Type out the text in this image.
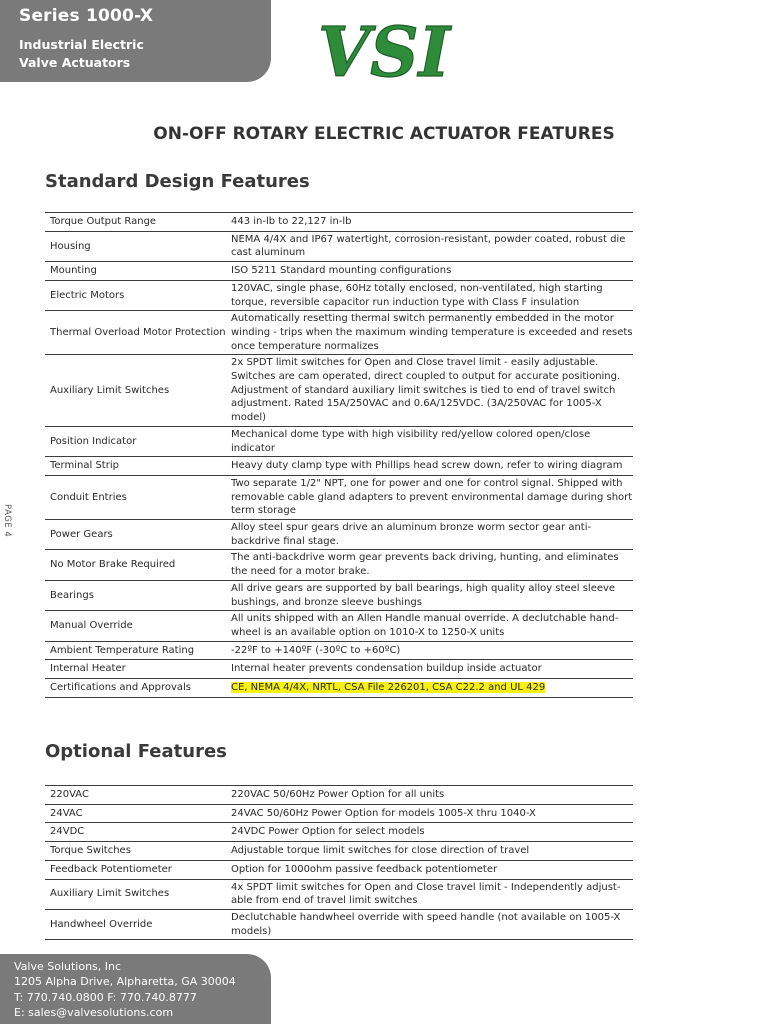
Series 1000-X
Industrial Electric
Valve Actuators	VSI
ON-OFF ROTARY ELECTRIC ACTUATOR FEATURES
Standard Design Features
Torque Output Range	443 in-lb to 22,127 in-lb
Housing	NEMA 4/4X and IP67 watertight, corrosion-resistant, powder coated, robust die cast aluminum
Mounting	ISO 5211 Standard mounting configurations
Electric Motors	120VAC, single phase, 60Hz totally enclosed, non-ventilated, high starting torque, reversible capacitor run induction type with Class F insulation
Thermal Overload Motor Protection	Automatically resetting thermal switch permanently embedded in the motor winding - trips when the maximum winding temperature is exceeded and resets once temperature normalizes
Auxiliary Limit Switches	2x SPDT limit switches for Open and Close travel limit - easily adjustable. Switches are cam operated, direct coupled to output for accurate positioning. Adjustment of standard auxiliary limit switches is tied to end of travel switch adjustment. Rated 15A/250VAC and 0.6A/125VDC. (3A/250VAC for 1005-X model)
Position Indicator	Mechanical dome type with high visibility red/yellow colored open/close indicator
Terminal Strip	Heavy duty clamp type with Phillips head screw down, refer to wiring diagram
Conduit Entries	Two separate 1/2" NPT, one for power and one for control signal. Shipped with removable cable gland adapters to prevent environmental damage during short term storage
Power Gears	Alloy steel spur gears drive an aluminum bronze worm sector gear anti-backdrive final stage.
No Motor Brake Required	The anti-backdrive worm gear prevents back driving, hunting, and eliminates the need for a motor brake.
Bearings	All drive gears are supported by ball bearings, high quality alloy steel sleeve bushings, and bronze sleeve bushings
Manual Override	All units shipped with an Allen Handle manual override. A declutchable hand-wheel is an available option on 1010-X to 1250-X units
Ambient Temperature Rating	-22ºF to +140ºF (-30ºC to +60ºC)
Internal Heater	Internal heater prevents condensation buildup inside actuator
Certifications and Approvals	CE, NEMA 4/4X, NRTL, CSA File 226201, CSA C22.2 and UL 429
Optional Features
220VAC	220VAC 50/60Hz Power Option for all units
24VAC	24VAC 50/60Hz Power Option for models 1005-X thru 1040-X
24VDC	24VDC Power Option for select models
Torque Switches	Adjustable torque limit switches for close direction of travel
Feedback Potentiometer	Option for 1000ohm passive feedback potentiometer
Auxiliary Limit Switches	4x SPDT limit switches for Open and Close travel limit - Independently adjust-able from end of travel limit switches
Handwheel Override	Declutchable handwheel override with speed handle (not available on 1005-X models)
PAGE 4
Valve Solutions, Inc
1205 Alpha Drive, Alpharetta, GA 30004
T: 770.740.0800 F: 770.740.8777
E: sales@valvesolutions.com
